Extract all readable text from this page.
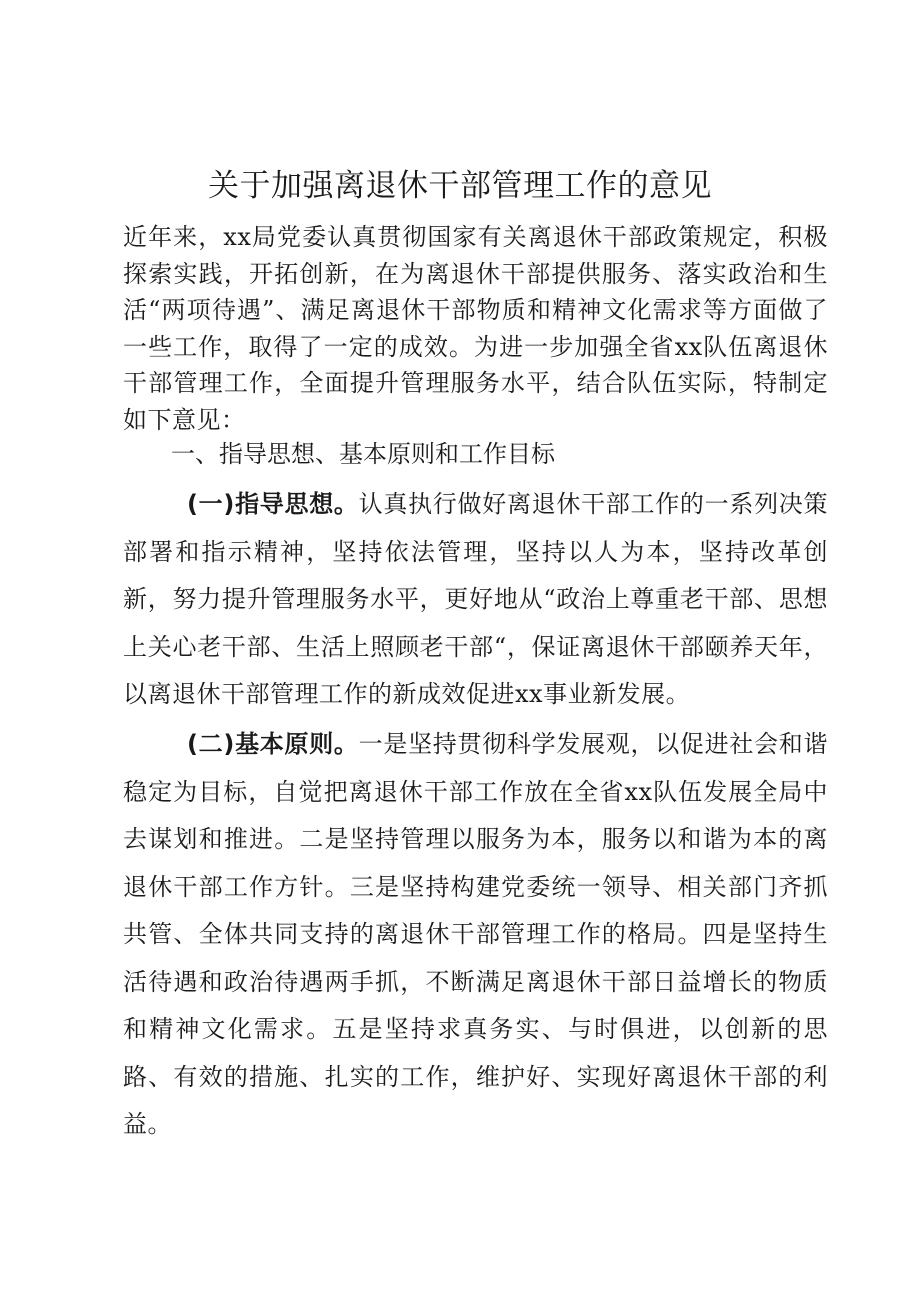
关于加强离退休干部管理工作的意见

近年来，xx局党委认真贯彻国家有关离退休干部政策规定，积极探索实践，开拓创新，在为离退休干部提供服务、落实政治和生活“两项待遇”、满足离退休干部物质和精神文化需求等方面做了一些工作，取得了一定的成效。为进一步加强全省xx队伍离退休干部管理工作，全面提升管理服务水平，结合队伍实际，特制定如下意见：

一、指导思想、基本原则和工作目标

(一)指导思想。认真执行做好离退休干部工作的一系列决策部署和指示精神，坚持依法管理，坚持以人为本，坚持改革创新，努力提升管理服务水平，更好地从“政治上尊重老干部、思想上关心老干部、生活上照顾老干部“，保证离退休干部颐养天年，以离退休干部管理工作的新成效促进xx事业新发展。

(二)基本原则。一是坚持贯彻科学发展观，以促进社会和谐稳定为目标，自觉把离退休干部工作放在全省xx队伍发展全局中去谋划和推进。二是坚持管理以服务为本，服务以和谐为本的离退休干部工作方针。三是坚持构建党委统一领导、相关部门齐抓共管、全体共同支持的离退休干部管理工作的格局。四是坚持生活待遇和政治待遇两手抓，不断满足离退休干部日益增长的物质和精神文化需求。五是坚持求真务实、与时俱进，以创新的思路、有效的措施、扎实的工作，维护好、实现好离退休干部的利益。
